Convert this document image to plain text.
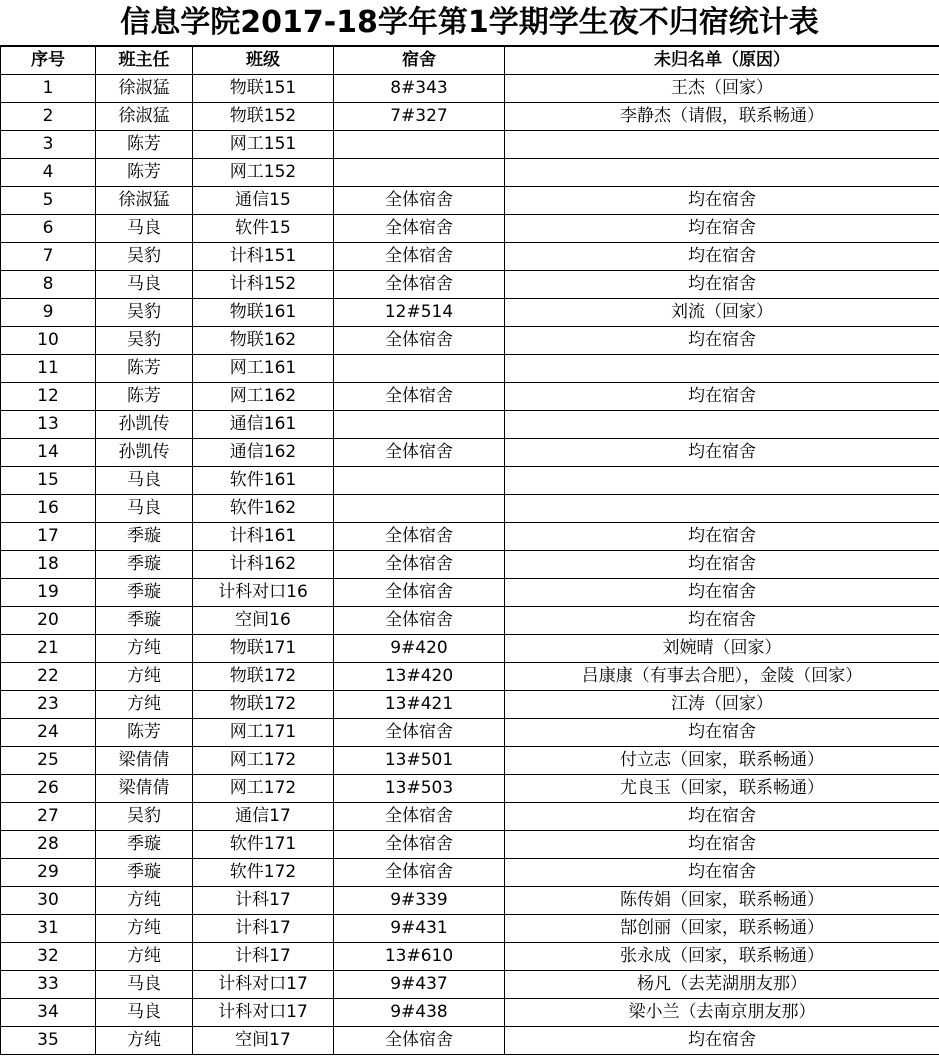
信息学院2017-18学年第1学期学生夜不归宿统计表
序号	班主任	班级	宿舍	未归名单（原因）
1	徐淑猛	物联151	8#343	王杰（回家）
2	徐淑猛	物联152	7#327	李静杰（请假，联系畅通）
3	陈芳	网工151		
4	陈芳	网工152		
5	徐淑猛	通信15	全体宿舍	均在宿舍
6	马良	软件15	全体宿舍	均在宿舍
7	吴豹	计科151	全体宿舍	均在宿舍
8	马良	计科152	全体宿舍	均在宿舍
9	吴豹	物联161	12#514	刘流（回家）
10	吴豹	物联162	全体宿舍	均在宿舍
11	陈芳	网工161		
12	陈芳	网工162	全体宿舍	均在宿舍
13	孙凯传	通信161		
14	孙凯传	通信162	全体宿舍	均在宿舍
15	马良	软件161		
16	马良	软件162		
17	季璇	计科161	全体宿舍	均在宿舍
18	季璇	计科162	全体宿舍	均在宿舍
19	季璇	计科对口16	全体宿舍	均在宿舍
20	季璇	空间16	全体宿舍	均在宿舍
21	方纯	物联171	9#420	刘婉晴（回家）
22	方纯	物联172	13#420	吕康康（有事去合肥），金陵（回家）
23	方纯	物联172	13#421	江涛（回家）
24	陈芳	网工171	全体宿舍	均在宿舍
25	梁倩倩	网工172	13#501	付立志（回家，联系畅通）
26	梁倩倩	网工172	13#503	尤良玉（回家，联系畅通）
27	吴豹	通信17	全体宿舍	均在宿舍
28	季璇	软件171	全体宿舍	均在宿舍
29	季璇	软件172	全体宿舍	均在宿舍
30	方纯	计科17	9#339	陈传娟（回家，联系畅通）
31	方纯	计科17	9#431	郜创丽（回家，联系畅通）
32	方纯	计科17	13#610	张永成（回家，联系畅通）
33	马良	计科对口17	9#437	杨凡（去芜湖朋友那）
34	马良	计科对口17	9#438	梁小兰（去南京朋友那）
35	方纯	空间17	全体宿舍	均在宿舍
